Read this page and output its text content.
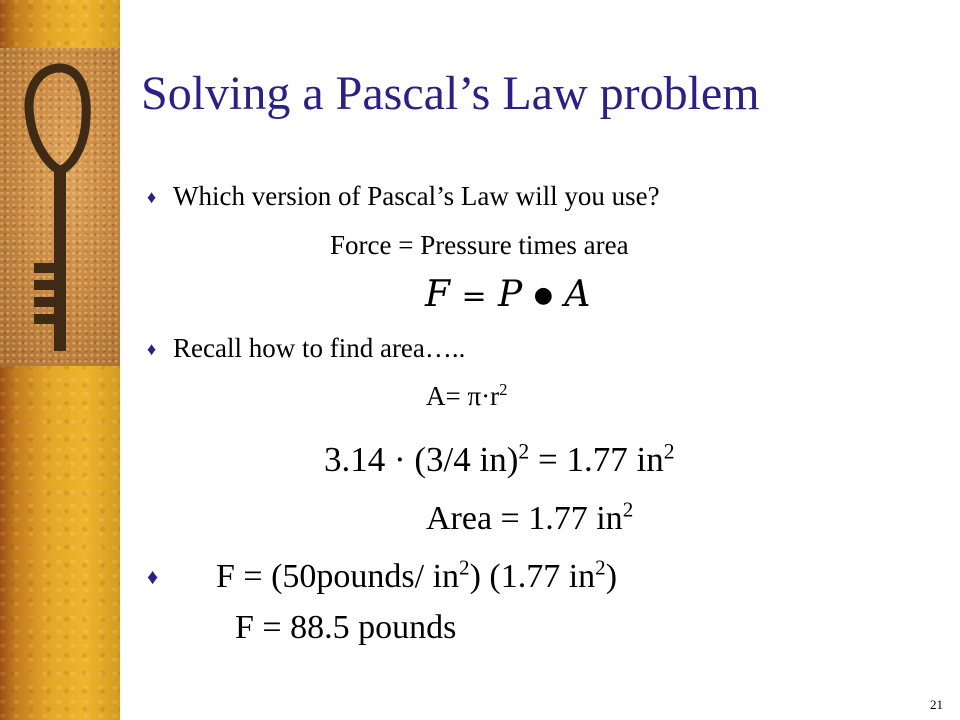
Solving a Pascal’s Law problem
♦ Which version of Pascal’s Law will you use?
Force = Pressure times area
F = P ● A
♦ Recall how to find area…..
$A= \pi\cdot r^2$
3.14 · (3/4 in)$^2$ = 1.77 $in^2$
Area = 1.77 $in^2$
♦ F = (50pounds/ $in^2$) (1.77 $in^2$)
F = 88.5 pounds
21
